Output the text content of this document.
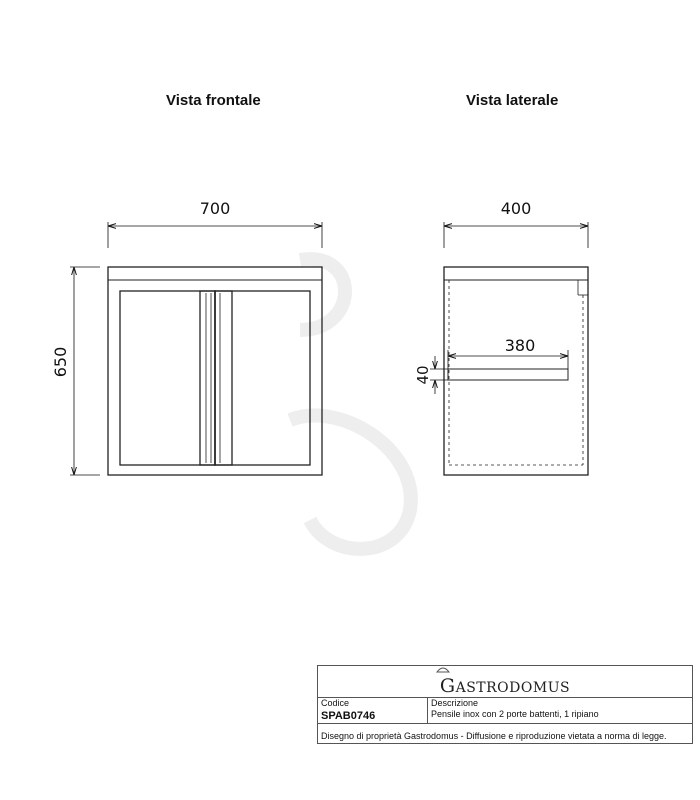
Vista frontale	Vista laterale
700
650
400
380
40
GASTRODOMUS
Codice
SPAB0746
Descrizione
Pensile inox con 2 porte battenti, 1 ripiano
Disegno di proprietà Gastrodomus - Diffusione e riproduzione vietata a norma di legge.
